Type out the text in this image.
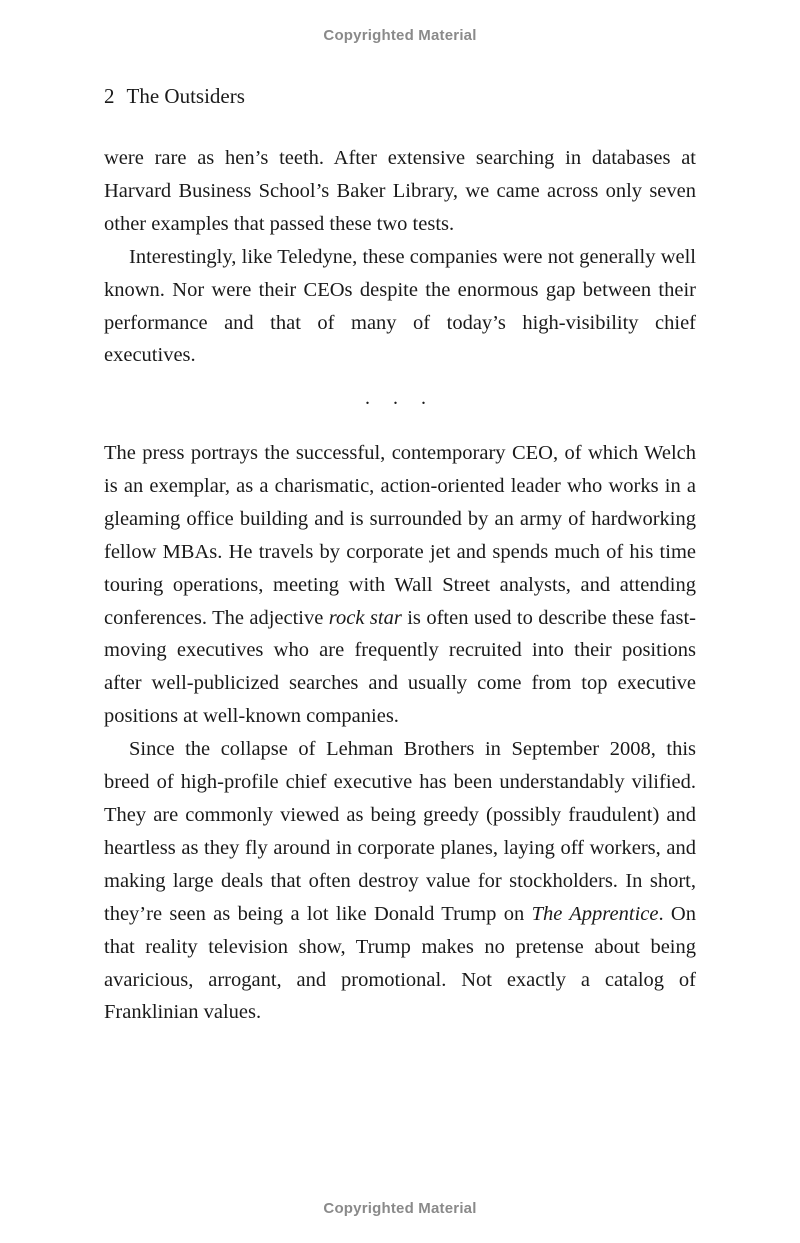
Copyrighted Material
2 The Outsiders

were rare as hen’s teeth. After extensive searching in databases at Harvard Business School’s Baker Library, we came across only seven other examples that passed these two tests.

Interestingly, like Teledyne, these companies were not generally well known. Nor were their CEOs despite the enormous gap between their performance and that of many of today’s high-​visibility chief executives.

. . .

The press portrays the successful, contemporary CEO, of which Welch is an exemplar, as a charismatic, action-oriented leader who works in a gleaming office building and is surrounded by an army of hardworking fellow MBAs. He travels by corporate jet and spends much of his time touring operations, meeting with Wall Street analysts, and attending conferences. The adjective rock star is often used to describe these fast-moving executives who are frequently recruited into their positions after well-publicized searches and usually come from top executive positions at well-​known companies.

Since the collapse of Lehman Brothers in September 2008, this breed of high-profile chief executive has been understandably vilified. They are commonly viewed as being greedy (possibly fraudulent) and heartless as they fly around in corporate planes, laying off workers, and making large deals that often destroy value for stockholders. In short, they’re seen as being a lot like Donald Trump on The Apprentice. On that reality television show, Trump makes no pretense about being avaricious, arrogant, and promotional. Not exactly a catalog of Franklinian values.

Copyrighted Material
